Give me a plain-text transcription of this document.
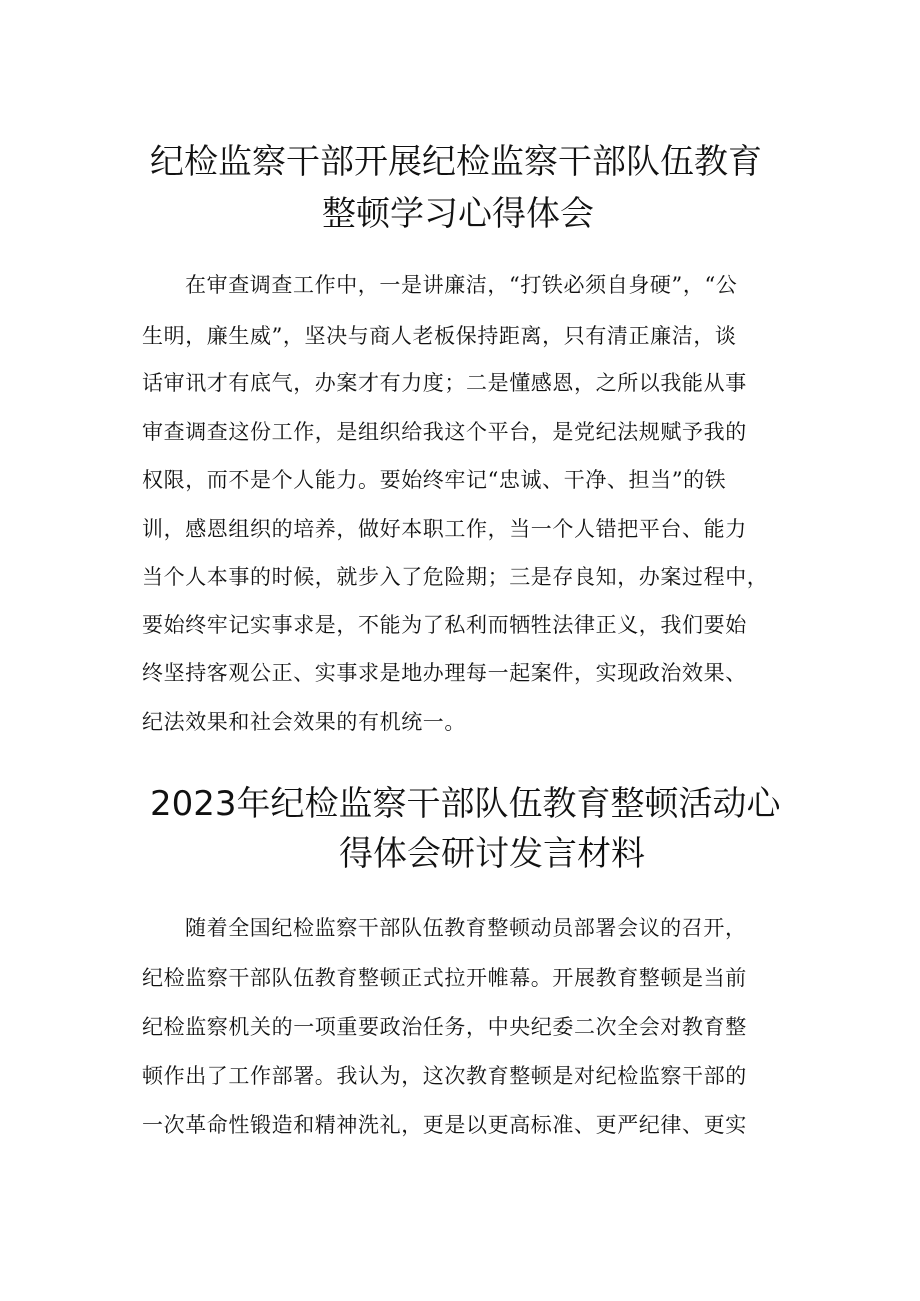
纪检监察干部开展纪检监察干部队伍教育
整顿学习心得体会
在审查调查工作中，一是讲廉洁，“打铁必须自身硬”，“公
生明，廉生威”，坚决与商人老板保持距离，只有清正廉洁，谈
话审讯才有底气，办案才有力度；二是懂感恩，之所以我能从事
审查调查这份工作，是组织给我这个平台，是党纪法规赋予我的
权限，而不是个人能力。要始终牢记“忠诚、干净、担当”的铁
训，感恩组织的培养，做好本职工作，当一个人错把平台、能力
当个人本事的时候，就步入了危险期；三是存良知，办案过程中，
要始终牢记实事求是，不能为了私利而牺牲法律正义，我们要始
终坚持客观公正、实事求是地办理每一起案件，实现政治效果、
纪法效果和社会效果的有机统一。
2023年纪检监察干部队伍教育整顿活动心
得体会研讨发言材料
随着全国纪检监察干部队伍教育整顿动员部署会议的召开，
纪检监察干部队伍教育整顿正式拉开帷幕。开展教育整顿是当前
纪检监察机关的一项重要政治任务，中央纪委二次全会对教育整
顿作出了工作部署。我认为，这次教育整顿是对纪检监察干部的
一次革命性锻造和精神洗礼，更是以更高标准、更严纪律、更实
